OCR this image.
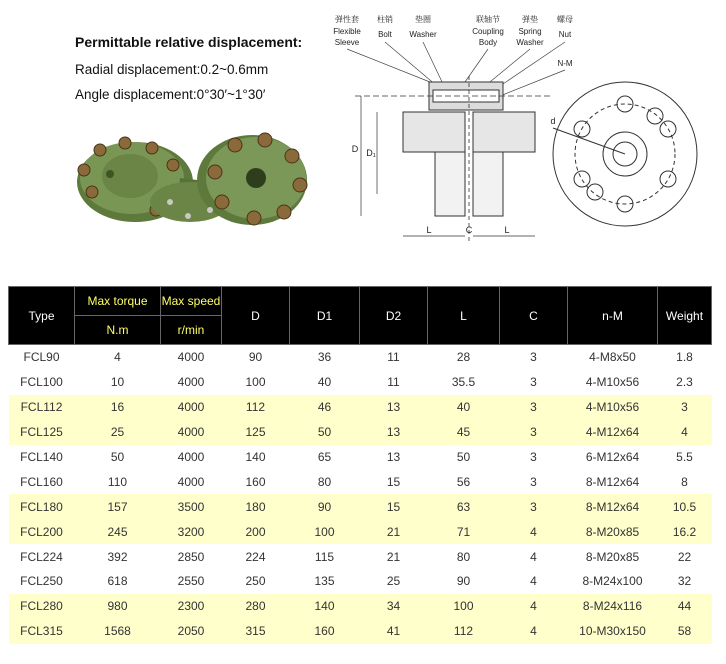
Permittable relative displacement:
Radial displacement:0.2~0.6mm
Angle displacement:0°30′~1°30′
弹性套
Flexible
Sleeve
柱销
Bolt
垫圈
Washer
联轴节
Coupling
Body
弹垫
Spring
Washer
螺母
Nut
N-M
D D₁
L	C	L
d
Type	Max torque	Max speed	D	D1	D2	L	C	n-M	Weight
	N.m	r/min							
FCL90	4	4000	90	36	11	28	3	4-M8x50	1.8
FCL100	10	4000	100	40	11	35.5	3	4-M10x56	2.3
FCL112	16	4000	112	46	13	40	3	4-M10x56	3
FCL125	25	4000	125	50	13	45	3	4-M12x64	4
FCL140	50	4000	140	65	13	50	3	6-M12x64	5.5
FCL160	110	4000	160	80	15	56	3	8-M12x64	8
FCL180	157	3500	180	90	15	63	3	8-M12x64	10.5
FCL200	245	3200	200	100	21	71	4	8-M20x85	16.2
FCL224	392	2850	224	115	21	80	4	8-M20x85	22
FCL250	618	2550	250	135	25	90	4	8-M24x100	32
FCL280	980	2300	280	140	34	100	4	8-M24x116	44
FCL315	1568	2050	315	160	41	112	4	10-M30x150	58
